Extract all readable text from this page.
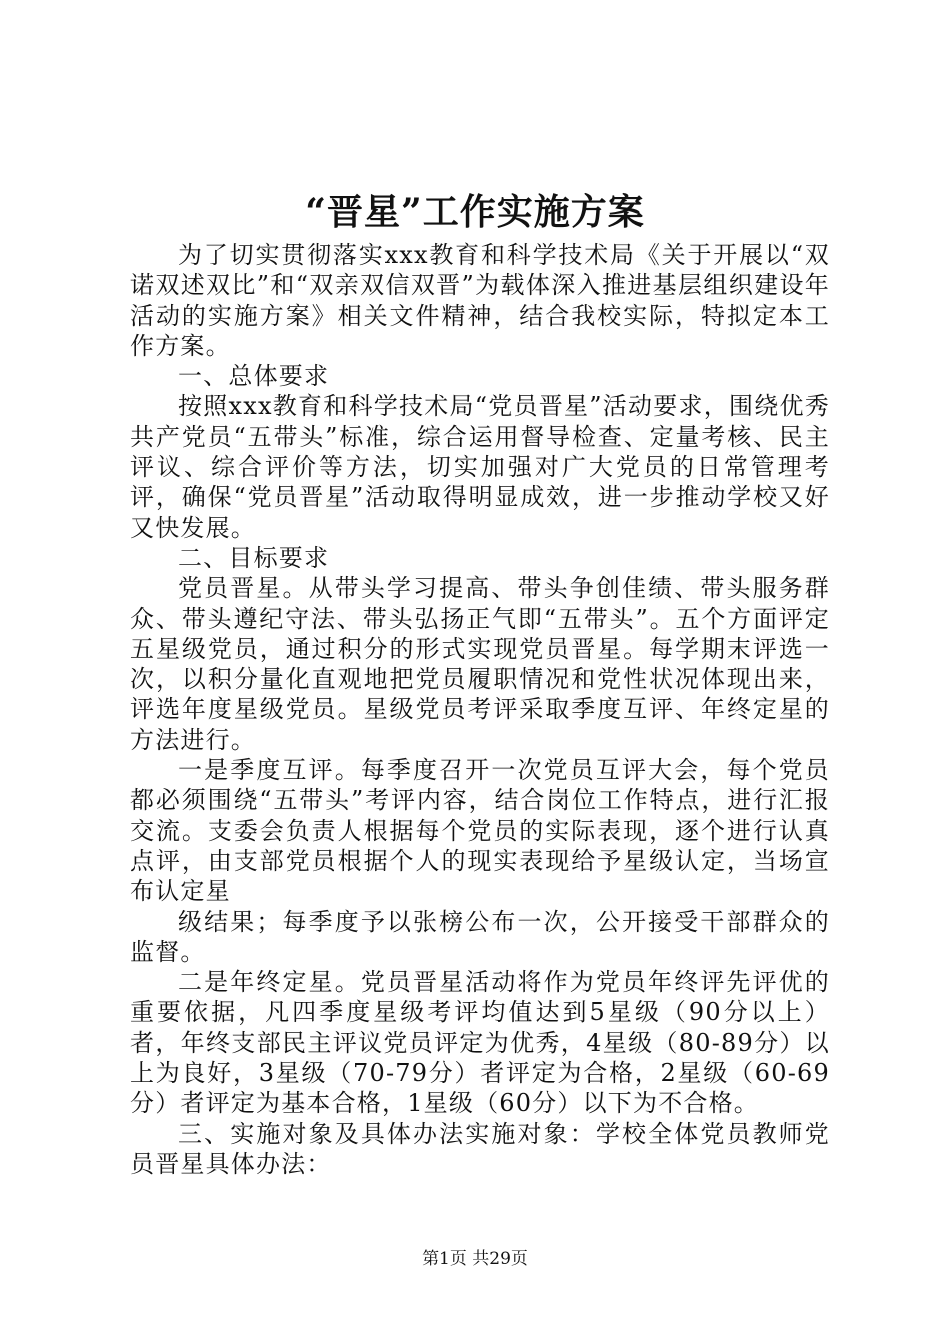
“晋星”工作实施方案

为了切实贯彻落实xxx教育和科学技术局《关于开展以“双诺双述双比”和“双亲双信双晋”为载体深入推进基层组织建设年活动的实施方案》相关文件精神，结合我校实际，特拟定本工作方案。

一、总体要求

按照xxx教育和科学技术局“党员晋星”活动要求，围绕优秀共产党员“五带头”标准，综合运用督导检查、定量考核、民主评议、综合评价等方法，切实加强对广大党员的日常管理考评，确保“党员晋星”活动取得明显成效，进一步推动学校又好又快发展。

二、目标要求

党员晋星。从带头学习提高、带头争创佳绩、带头服务群众、带头遵纪守法、带头弘扬正气即“五带头”。五个方面评定五星级党员，通过积分的形式实现党员晋星。每学期末评选一次，以积分量化直观地把党员履职情况和党性状况体现出来，评选年度星级党员。星级党员考评采取季度互评、年终定星的方法进行。

一是季度互评。每季度召开一次党员互评大会，每个党员都必须围绕“五带头”考评内容，结合岗位工作特点，进行汇报交流。支委会负责人根据每个党员的实际表现，逐个进行认真点评，由支部党员根据个人的现实表现给予星级认定，当场宣布认定星

级结果；每季度予以张榜公布一次，公开接受干部群众的监督。

二是年终定星。党员晋星活动将作为党员年终评先评优的重要依据，凡四季度星级考评均值达到5星级（90分以上）者，年终支部民主评议党员评定为优秀，4星级（80-89分）以上为良好，3星级（70-79分）者评定为合格，2星级（60-69分）者评定为基本合格，1星级（60分）以下为不合格。

三、实施对象及具体办法实施对象：学校全体党员教师党员晋星具体办法：

第1页 共29页
